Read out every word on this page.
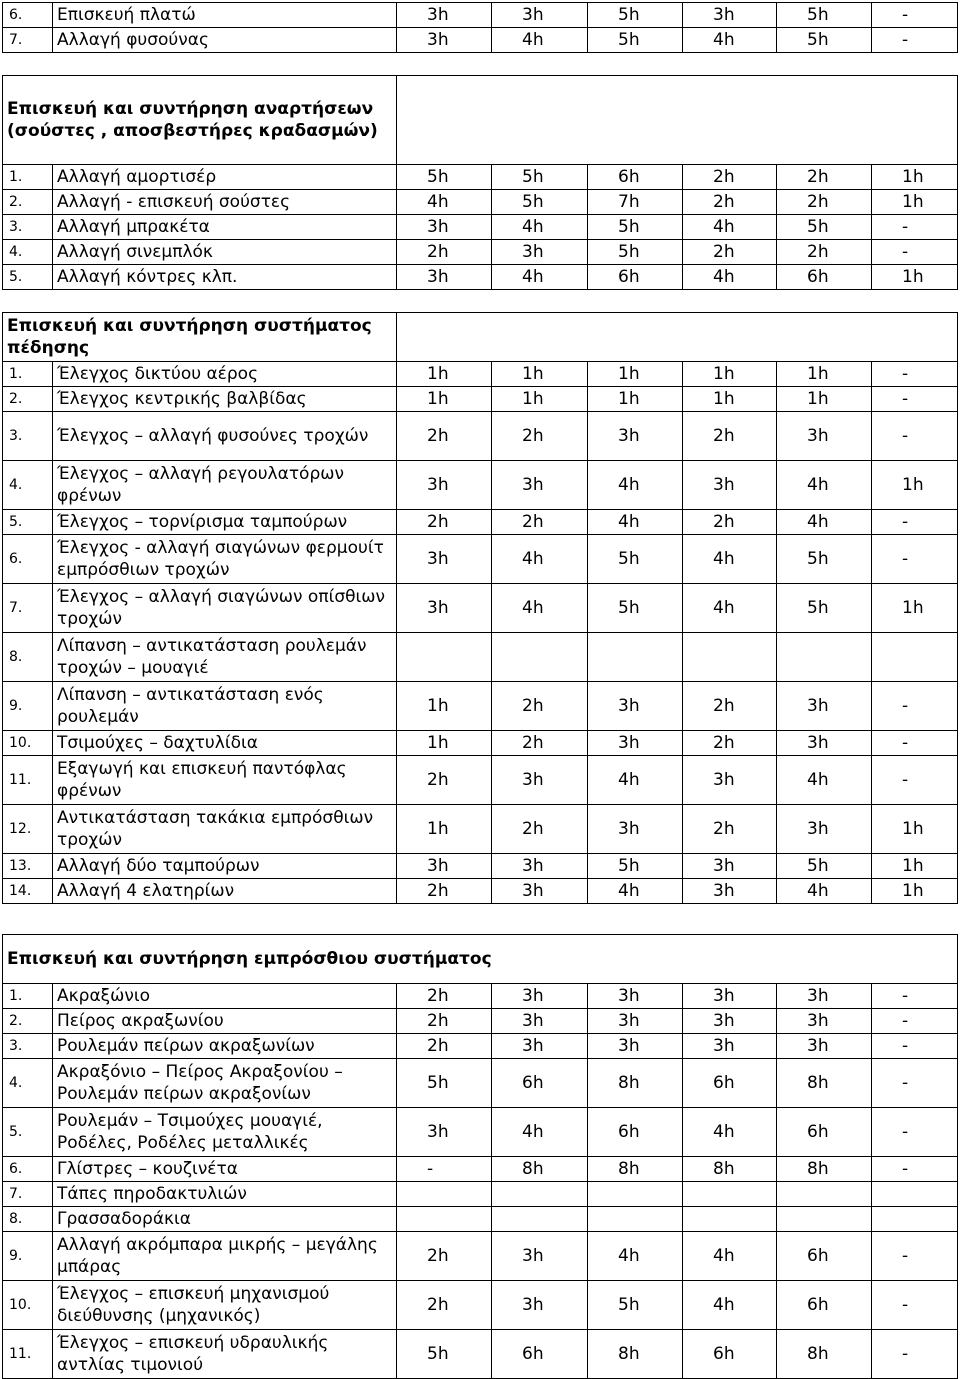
6.	Επισκευή πλατώ	3h	3h	5h	3h	5h	-
7.	Αλλαγή φυσούνας	3h	4h	5h	4h	5h	-

Επισκευή και συντήρηση αναρτήσεων (σούστες , αποσβεστήρες κραδασμών)							
1.	Αλλαγή αμορτισέρ	5h	5h	6h	2h	2h	1h
2.	Αλλαγή - επισκευή σούστες	4h	5h	7h	2h	2h	1h
3.	Αλλαγή μπρακέτα	3h	4h	5h	4h	5h	-
4.	Αλλαγή σινεμπλόκ	2h	3h	5h	2h	2h	-
5.	Αλλαγή κόντρες κλπ.	3h	4h	6h	4h	6h	1h

Επισκευή και συντήρηση συστήματος πέδησης							
1.	Έλεγχος δικτύου αέρος	1h	1h	1h	1h	1h	-
2.	Έλεγχος κεντρικής βαλβίδας	1h	1h	1h	1h	1h	-
3.	Έλεγχος – αλλαγή φυσούνες τροχών	2h	2h	3h	2h	3h	-
4.	Έλεγχος – αλλαγή ρεγουλατόρων φρένων	3h	3h	4h	3h	4h	1h
5.	Έλεγχος – τορνίρισμα ταμπούρων	2h	2h	4h	2h	4h	-
6.	Έλεγχος - αλλαγή σιαγώνων φερμουίτ εμπρόσθιων τροχών	3h	4h	5h	4h	5h	-
7.	Έλεγχος – αλλαγή σιαγώνων οπίσθιων τροχών	3h	4h	5h	4h	5h	1h
8.	Λίπανση – αντικατάσταση ρουλεμάν τροχών – μουαγιέ						
9.	Λίπανση – αντικατάσταση ενός ρουλεμάν	1h	2h	3h	2h	3h	-
10.	Τσιμούχες – δαχτυλίδια	1h	2h	3h	2h	3h	-
11.	Εξαγωγή και επισκευή παντόφλας φρένων	2h	3h	4h	3h	4h	-
12.	Αντικατάσταση τακάκια εμπρόσθιων τροχών	1h	2h	3h	2h	3h	1h
13.	Αλλαγή δύο ταμπούρων	3h	3h	5h	3h	5h	1h
14.	Αλλαγή 4 ελατηρίων	2h	3h	4h	3h	4h	1h

Επισκευή και συντήρηση εμπρόσθιου συστήματος							
1.	Ακραξώνιο	2h	3h	3h	3h	3h	-
2.	Πείρος ακραξωνίου	2h	3h	3h	3h	3h	-
3.	Ρουλεμάν πείρων ακραξωνίων	2h	3h	3h	3h	3h	-
4.	Ακραξόνιο – Πείρος Ακραξονίου – Ρουλεμάν πείρων ακραξονίων	5h	6h	8h	6h	8h	-
5.	Ρουλεμάν – Τσιμούχες μουαγιέ, Ροδέλες, Ροδέλες μεταλλικές	3h	4h	6h	4h	6h	-
6.	Γλίστρες – κουζινέτα	-	8h	8h	8h	8h	-
7.	Τάπες πηροδακτυλιών						
8.	Γρασσαδοράκια						
9.	Αλλαγή ακρόμπαρα μικρής – μεγάλης μπάρας	2h	3h	4h	4h	6h	-
10.	Έλεγχος – επισκευή μηχανισμού διεύθυνσης (μηχανικός)	2h	3h	5h	4h	6h	-
11.	Έλεγχος – επισκευή υδραυλικής αντλίας τιμονιού	5h	6h	8h	6h	8h	-
